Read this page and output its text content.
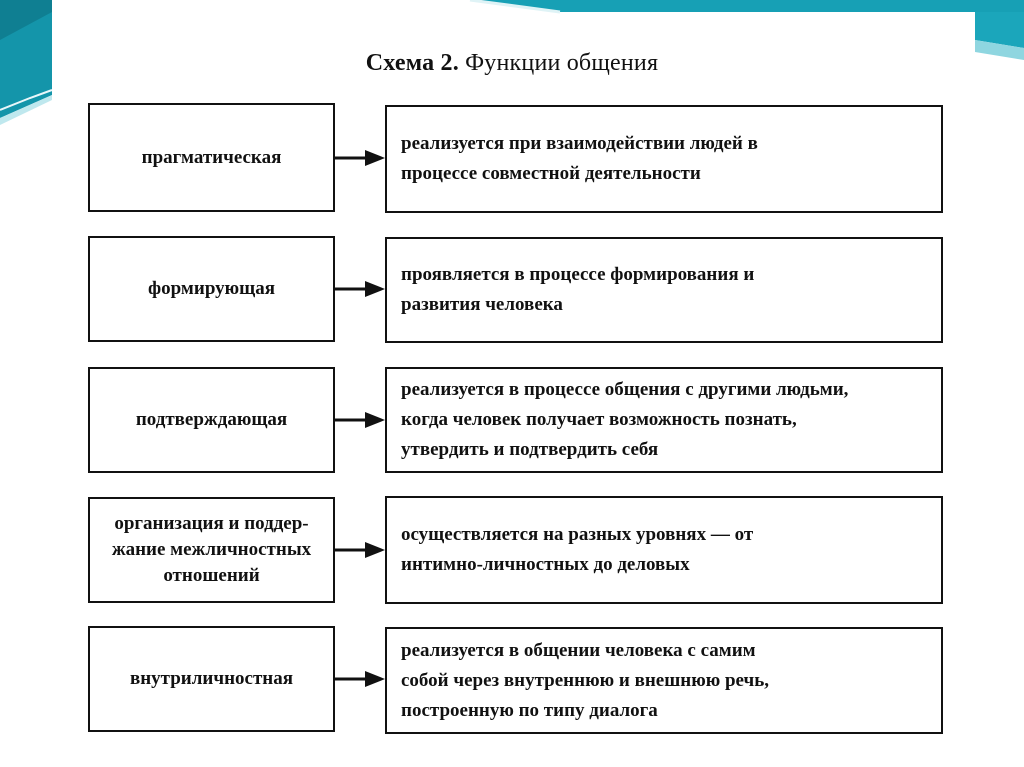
Схема 2. Функции общения
прагматическая
реализуется при взаимодействии людей в
процессе совместной деятельности
формирующая
проявляется в процессе формирования и
развития человека
подтверждающая
реализуется в процессе общения с другими людьми,
когда человек получает возможность познать,
утвердить и подтвердить себя
организация и поддер-
жание межличностных
отношений
осуществляется на разных уровнях — от
интимно-личностных до деловых
внутриличностная
реализуется в общении человека с самим
собой через внутреннюю и внешнюю речь,
построенную по типу диалога
